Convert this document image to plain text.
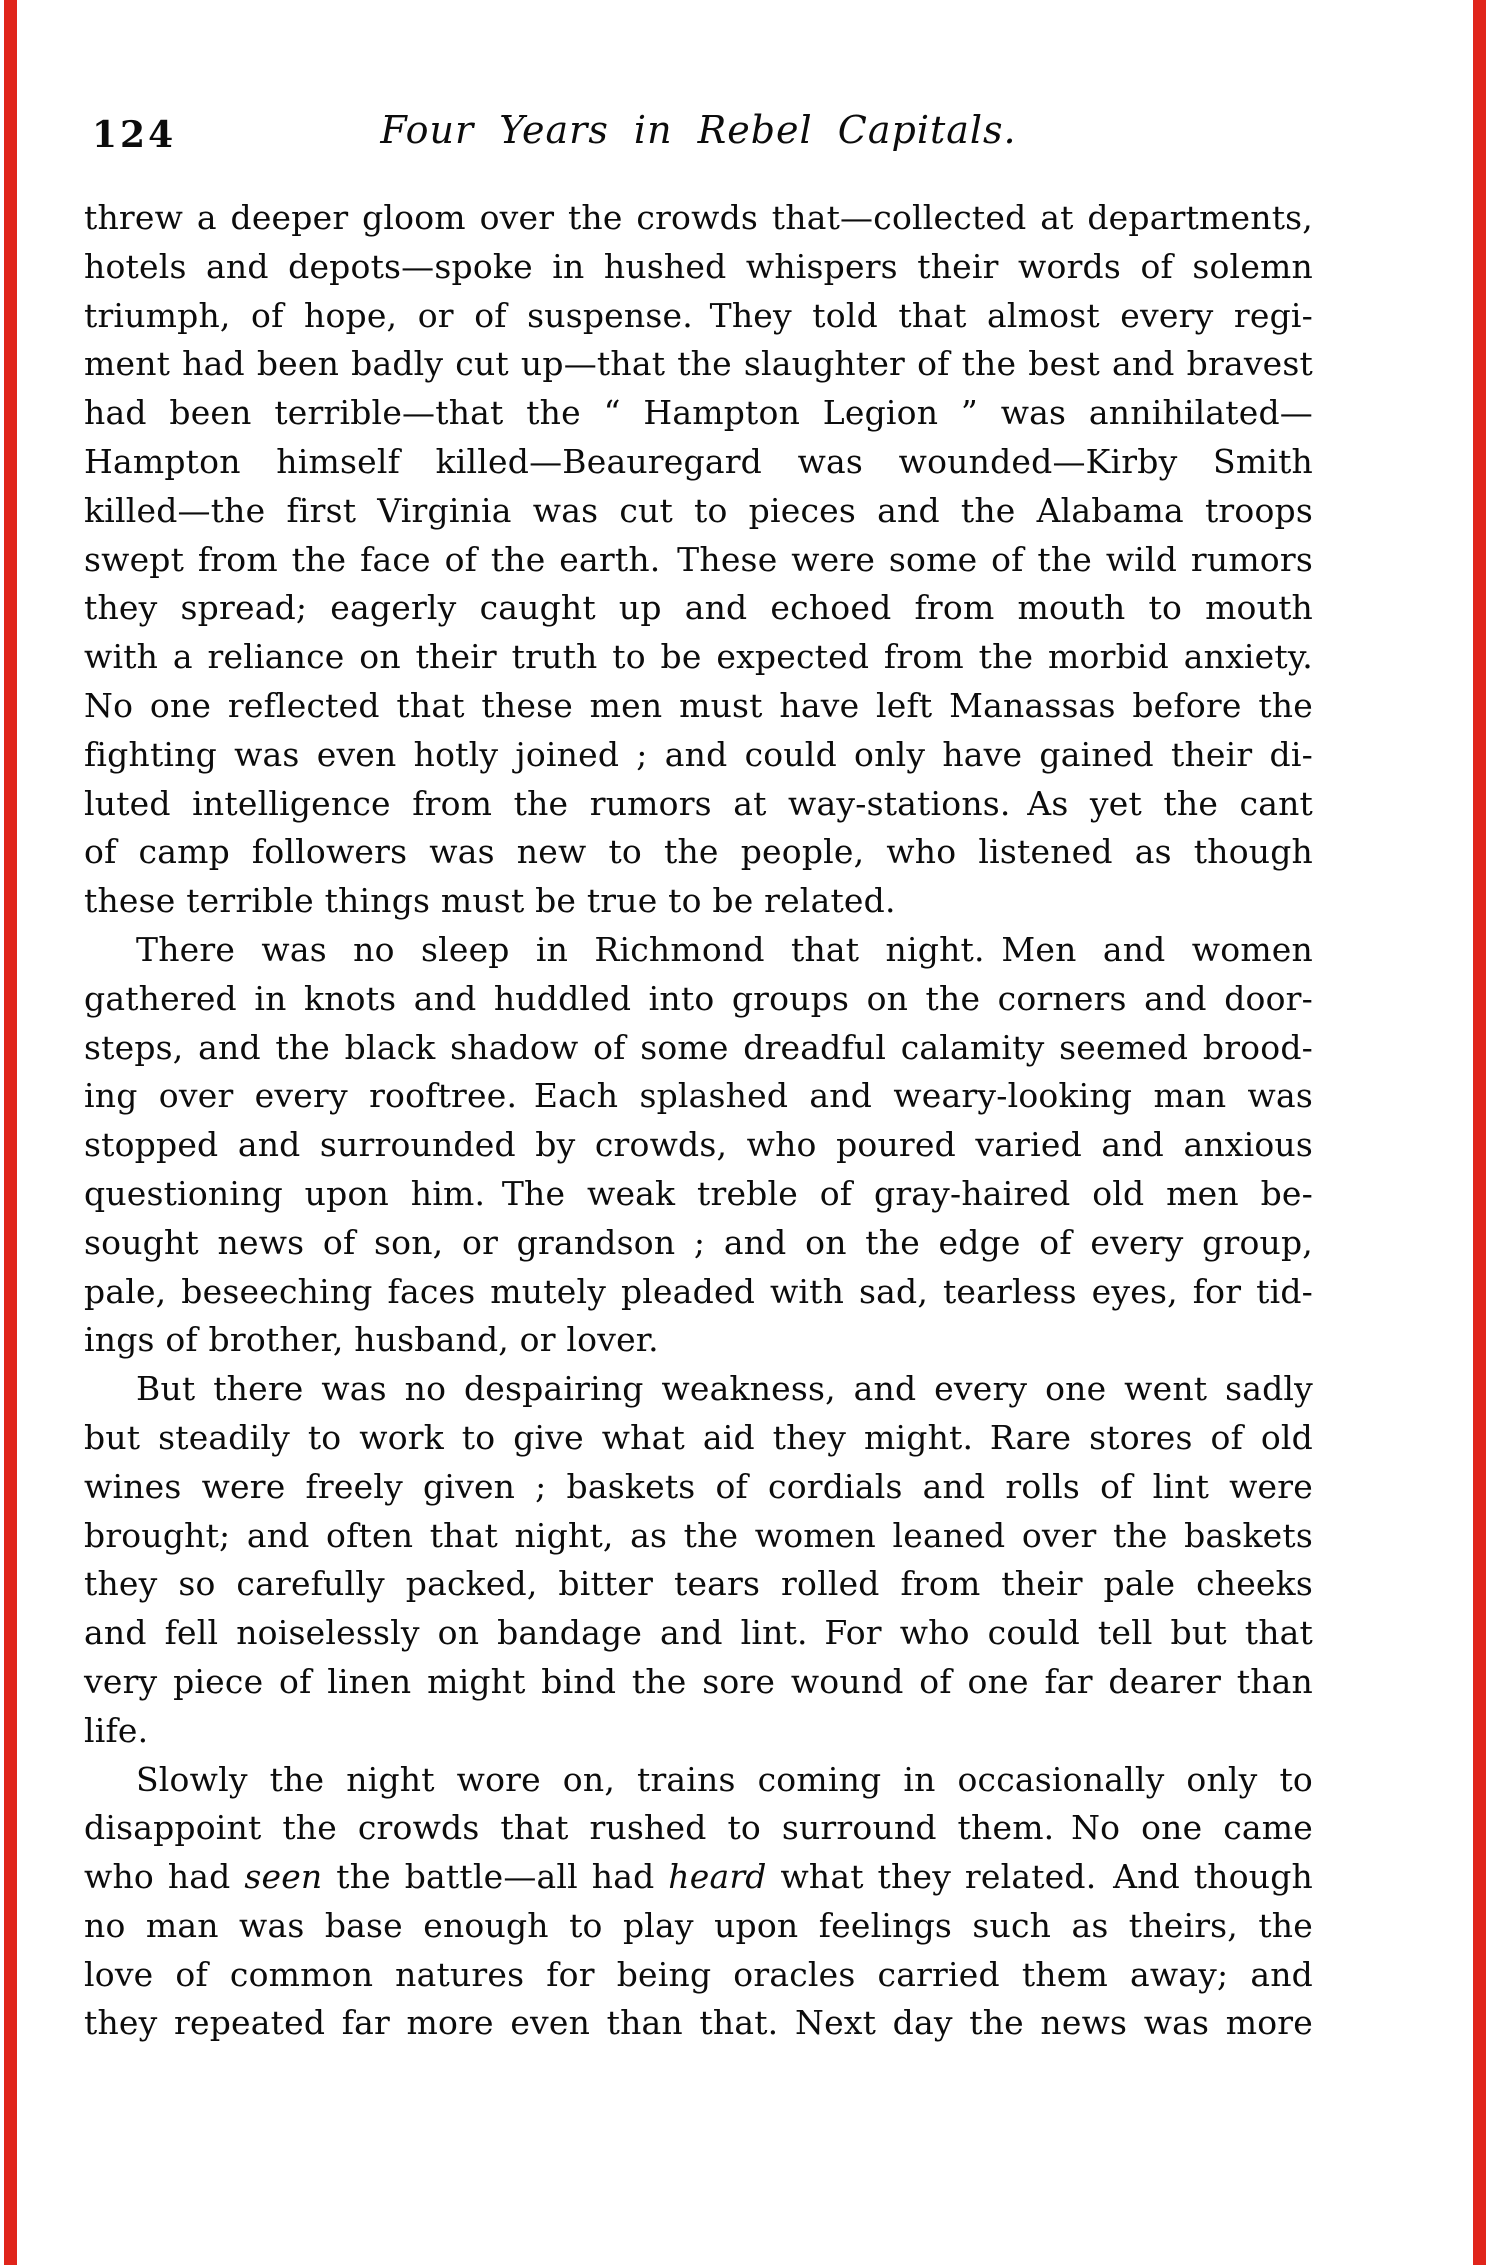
124	Four Years in Rebel Capitals.
threw a deeper gloom over the crowds that—collected at departments,
hotels and depots—spoke in hushed whispers their words of solemn
triumph, of hope, or of suspense. They told that almost every regi-
ment had been badly cut up—that the slaughter of the best and bravest
had been terrible—that the “ Hampton Legion ” was annihilated—
Hampton himself killed—Beauregard was wounded—Kirby Smith
killed—the first Virginia was cut to pieces and the Alabama troops
swept from the face of the earth. These were some of the wild rumors
they spread; eagerly caught up and echoed from mouth to mouth
with a reliance on their truth to be expected from the morbid anxiety.
No one reflected that these men must have left Manassas before the
fighting was even hotly joined ; and could only have gained their di-
luted intelligence from the rumors at way-stations. As yet the cant
of camp followers was new to the people, who listened as though
these terrible things must be true to be related.
There was no sleep in Richmond that night. Men and women
gathered in knots and huddled into groups on the corners and door-
steps, and the black shadow of some dreadful calamity seemed brood-
ing over every rooftree. Each splashed and weary-looking man was
stopped and surrounded by crowds, who poured varied and anxious
questioning upon him. The weak treble of gray-haired old men be-
sought news of son, or grandson ; and on the edge of every group,
pale, beseeching faces mutely pleaded with sad, tearless eyes, for tid-
ings of brother, husband, or lover.
But there was no despairing weakness, and every one went sadly
but steadily to work to give what aid they might. Rare stores of old
wines were freely given ; baskets of cordials and rolls of lint were
brought; and often that night, as the women leaned over the baskets
they so carefully packed, bitter tears rolled from their pale cheeks
and fell noiselessly on bandage and lint. For who could tell but that
very piece of linen might bind the sore wound of one far dearer than
life.
Slowly the night wore on, trains coming in occasionally only to
disappoint the crowds that rushed to surround them. No one came
who had seen the battle—all had heard what they related. And though
no man was base enough to play upon feelings such as theirs, the
love of common natures for being oracles carried them away; and
they repeated far more even than that. Next day the news was more
